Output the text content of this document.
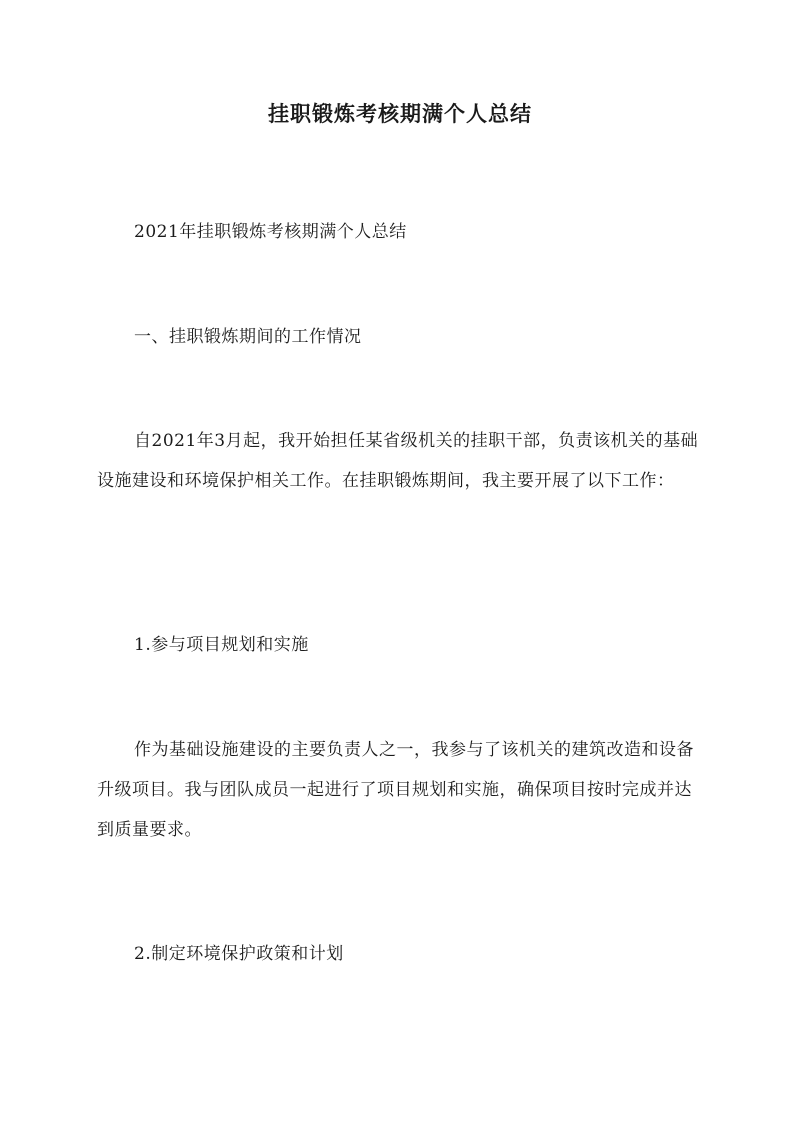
挂职锻炼考核期满个人总结

2021年挂职锻炼考核期满个人总结

一、挂职锻炼期间的工作情况

自2021年3月起，我开始担任某省级机关的挂职干部，负责该机关的基础设施建设和环境保护相关工作。在挂职锻炼期间，我主要开展了以下工作：

1.参与项目规划和实施

作为基础设施建设的主要负责人之一，我参与了该机关的建筑改造和设备升级项目。我与团队成员一起进行了项目规划和实施，确保项目按时完成并达到质量要求。

2.制定环境保护政策和计划
